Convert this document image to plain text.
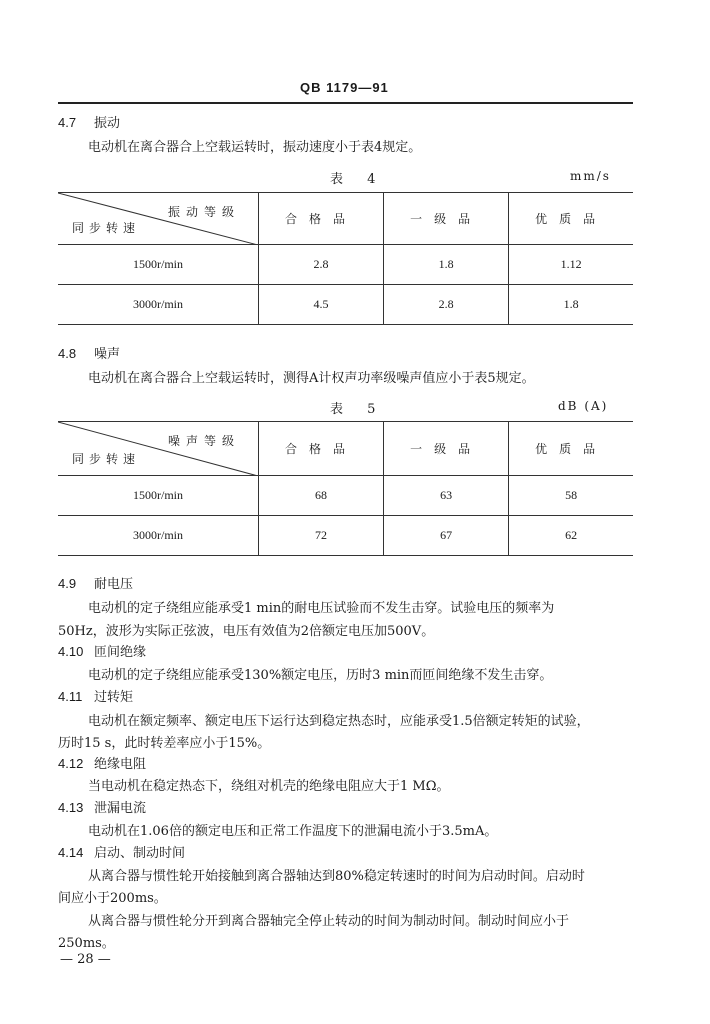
QB 1179—91
4.7 振动
电动机在离合器合上空载运转时，振动速度小于表4规定。
表 4	mm/s
振动等级
同步转速	合格品	一级品	优质品
1500r/min	2.8	1.8	1.12
3000r/min	4.5	2.8	1.8
4.8 噪声
电动机在离合器合上空载运转时，测得A计权声功率级噪声值应小于表5规定。
表 5	dB (A)
噪声等级
同步转速	合格品	一级品	优质品
1500r/min	68	63	58
3000r/min	72	67	62
4.9 耐电压
电动机的定子绕组应能承受1 min的耐电压试验而不发生击穿。试验电压的频率为
50Hz，波形为实际正弦波，电压有效值为2倍额定电压加500V。
4.10 匝间绝缘
电动机的定子绕组应能承受130%额定电压，历时3 min而匝间绝缘不发生击穿。
4.11 过转矩
电动机在额定频率、额定电压下运行达到稳定热态时，应能承受1.5倍额定转矩的试验，
历时15 s，此时转差率应小于15%。
4.12 绝缘电阻
当电动机在稳定热态下，绕组对机壳的绝缘电阻应大于1 MΩ。
4.13 泄漏电流
电动机在1.06倍的额定电压和正常工作温度下的泄漏电流小于3.5mA。
4.14 启动、制动时间
从离合器与惯性轮开始接触到离合器轴达到80%稳定转速时的时间为启动时间。启动时
间应小于200ms。
从离合器与惯性轮分开到离合器轴完全停止转动的时间为制动时间。制动时间应小于
250ms。
— 28 —
